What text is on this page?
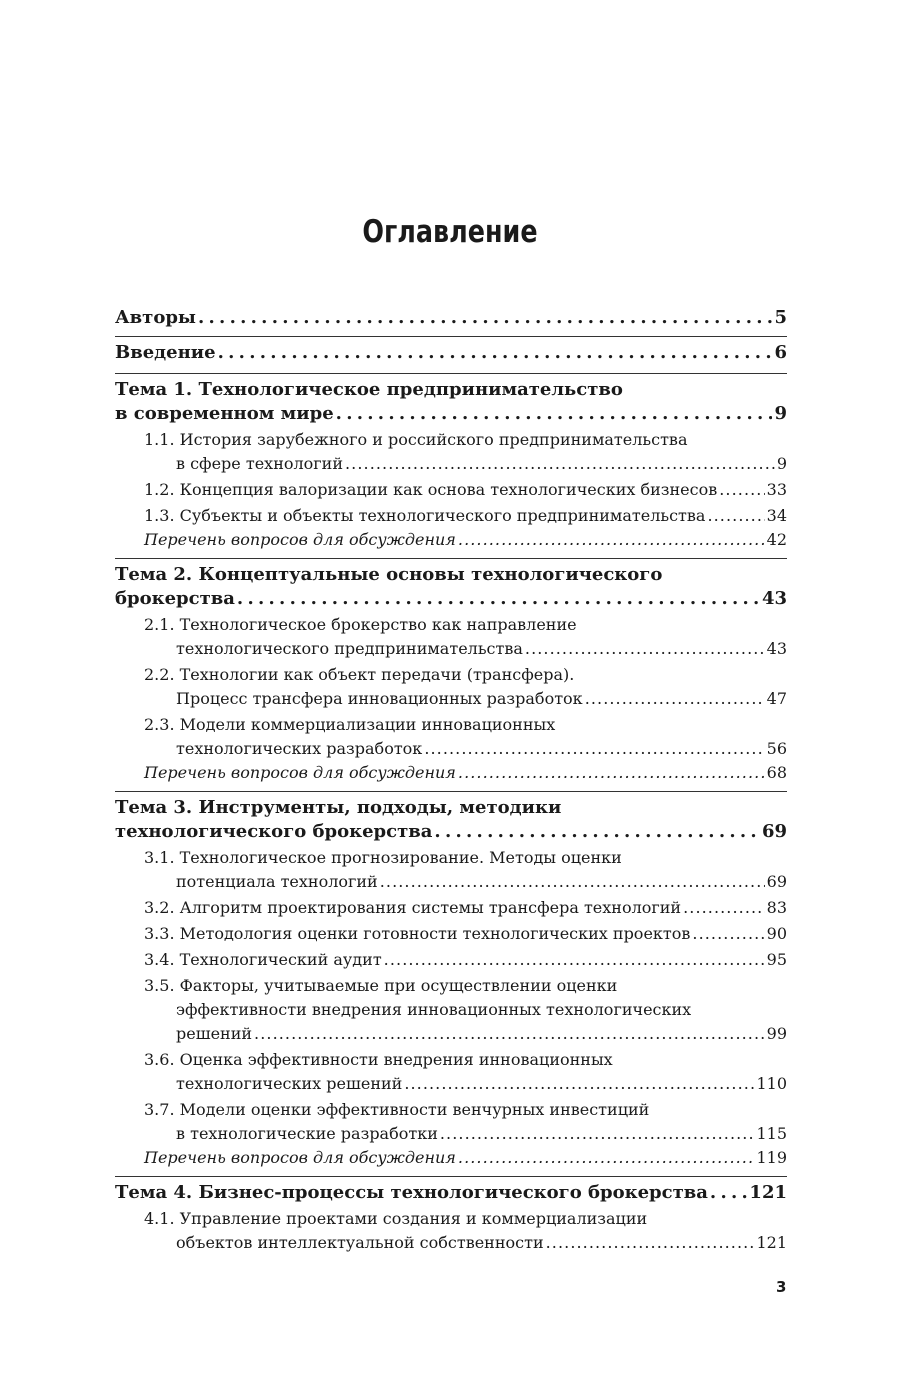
Оглавление
Авторы . . .	5
Введение . . .	6
Тема 1. Технологическое предпринимательство
в современном мире . . .	9
1.1. История зарубежного и российского предпринимательства
в сфере технологий . . .	9
1.2. Концепция валоризации как основа технологических бизнесов . . .	33
1.3. Субъекты и объекты технологического предпринимательства . . .	34
Перечень вопросов для обсуждения . . .	42
Тема 2. Концептуальные основы технологического
брокерства . . .	43
2.1. Технологическое брокерство как направление
технологического предпринимательства . . .	43
2.2. Технологии как объект передачи (трансфера).
Процесс трансфера инновационных разработок . . .	47
2.3. Модели коммерциализации инновационных
технологических разработок . . .	56
Перечень вопросов для обсуждения . . .	68
Тема 3. Инструменты, подходы, методики
технологического брокерства . . .	69
3.1. Технологическое прогнозирование. Методы оценки
потенциала технологий . . .	69
3.2. Алгоритм проектирования системы трансфера технологий . . .	83
3.3. Методология оценки готовности технологических проектов . . .	90
3.4. Технологический аудит . . .	95
3.5. Факторы, учитываемые при осуществлении оценки
эффективности внедрения инновационных технологических
решений . . .	99
3.6. Оценка эффективности внедрения инновационных
технологических решений . . .	110
3.7. Модели оценки эффективности венчурных инвестиций
в технологические разработки . . .	115
Перечень вопросов для обсуждения . . .	119
Тема 4. Бизнес-процессы технологического брокерства . . . 121
4.1. Управление проектами создания и коммерциализации
объектов интеллектуальной собственности . . .	121
3
